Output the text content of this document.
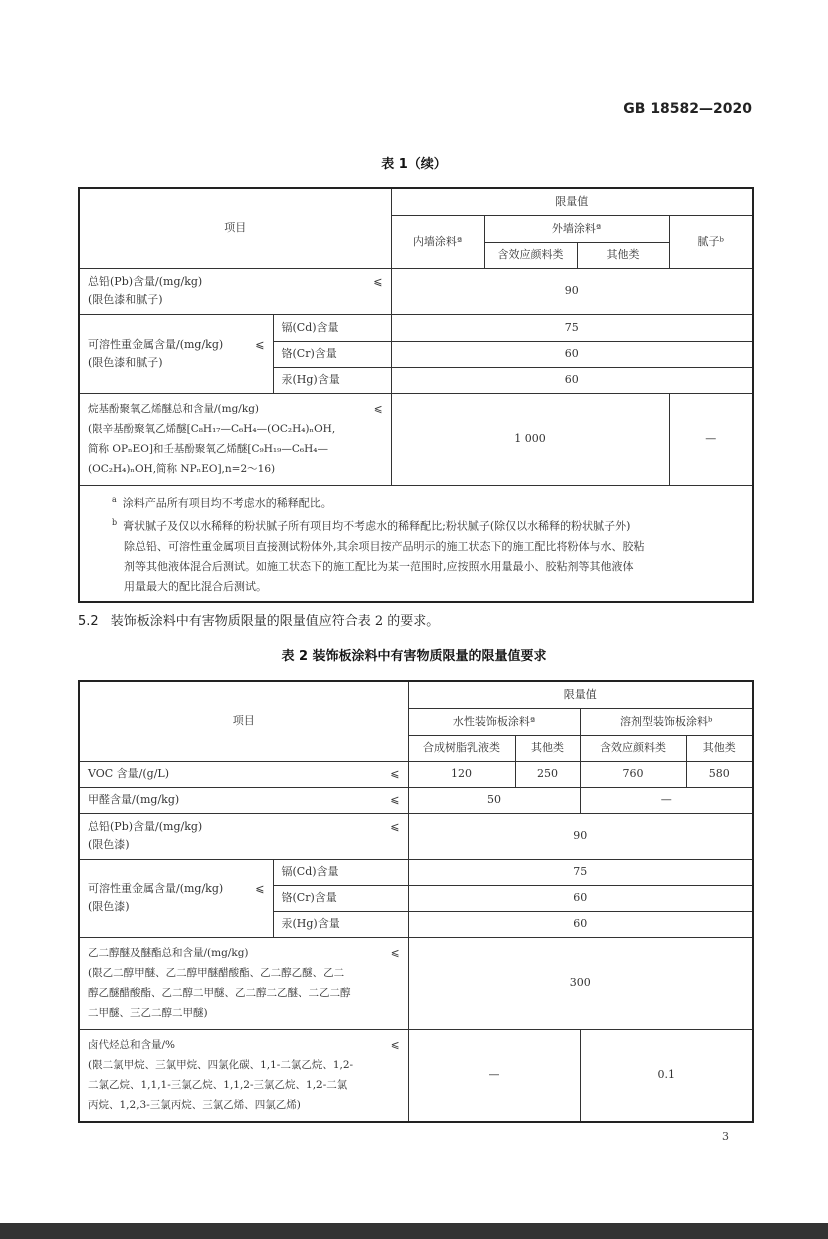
GB 18582—2020
表 1（续）
项目		限量值			
		内墙涂料ª	外墙涂料ª		腻子ᵇ
			含效应颜料类	其他类	

总铅(Pb)含量/(mg/kg) ⩽
(限色漆和腻子)		90			

可溶性重金属含量/(mg/kg) ⩽
(限色漆和腻子)	镉(Cd)含量	75			
	铬(Cr)含量	60			
	汞(Hg)含量	60			

烷基酚聚氧乙烯醚总和含量/(mg/kg) ⩽
(限辛基酚聚氧乙烯醚[C₈H₁₇—C₆H₄—(OC₂H₄)ₙOH,
简称 OPₙEO]和壬基酚聚氧乙烯醚[C₉H₁₉—C₆H₄—
(OC₂H₄)ₙOH,简称 NPₙEO],n=2～16)		1 000			—

$^a$ 涂料产品所有项目均不考虑水的稀释配比。
$^b$ 膏状腻子及仅以水稀释的粉状腻子所有项目均不考虑水的稀释配比;粉状腻子(除仅以水稀释的粉状腻子外)
除总铅、可溶性重金属项目直接测试粉体外,其余项目按产品明示的施工状态下的施工配比将粉体与水、胶粘
剂等其他液体混合后测试。如施工状态下的施工配比为某一范围时,应按照水用量最小、胶粘剂等其他液体
用量最大的配比混合后测试。					
5.2 装饰板涂料中有害物质限量的限量值应符合表 2 的要求。
表 2 装饰板涂料中有害物质限量的限量值要求
项目		限量值			
		水性装饰板涂料ª		溶剂型装饰板涂料ᵇ	
		合成树脂乳液类	其他类	含效应颜料类	其他类

VOC 含量/(g/L) ⩽		120	250	760	580

甲醛含量/(mg/kg) ⩽		50		—	

总铅(Pb)含量/(mg/kg) ⩽
(限色漆)		90			

可溶性重金属含量/(mg/kg) ⩽
(限色漆)	镉(Cd)含量	75			
	铬(Cr)含量	60			
	汞(Hg)含量	60			

乙二醇醚及醚酯总和含量/(mg/kg) ⩽
(限乙二醇甲醚、乙二醇甲醚醋酸酯、乙二醇乙醚、乙二
醇乙醚醋酸酯、乙二醇二甲醚、乙二醇二乙醚、二乙二醇
二甲醚、三乙二醇二甲醚)		300			

卤代烃总和含量/% ⩽
(限二氯甲烷、三氯甲烷、四氯化碳、1,1-二氯乙烷、1,2-
二氯乙烷、1,1,1-三氯乙烷、1,1,2-三氯乙烷、1,2-二氯
丙烷、1,2,3-三氯丙烷、三氯乙烯、四氯乙烯)		—		0.1	
3
